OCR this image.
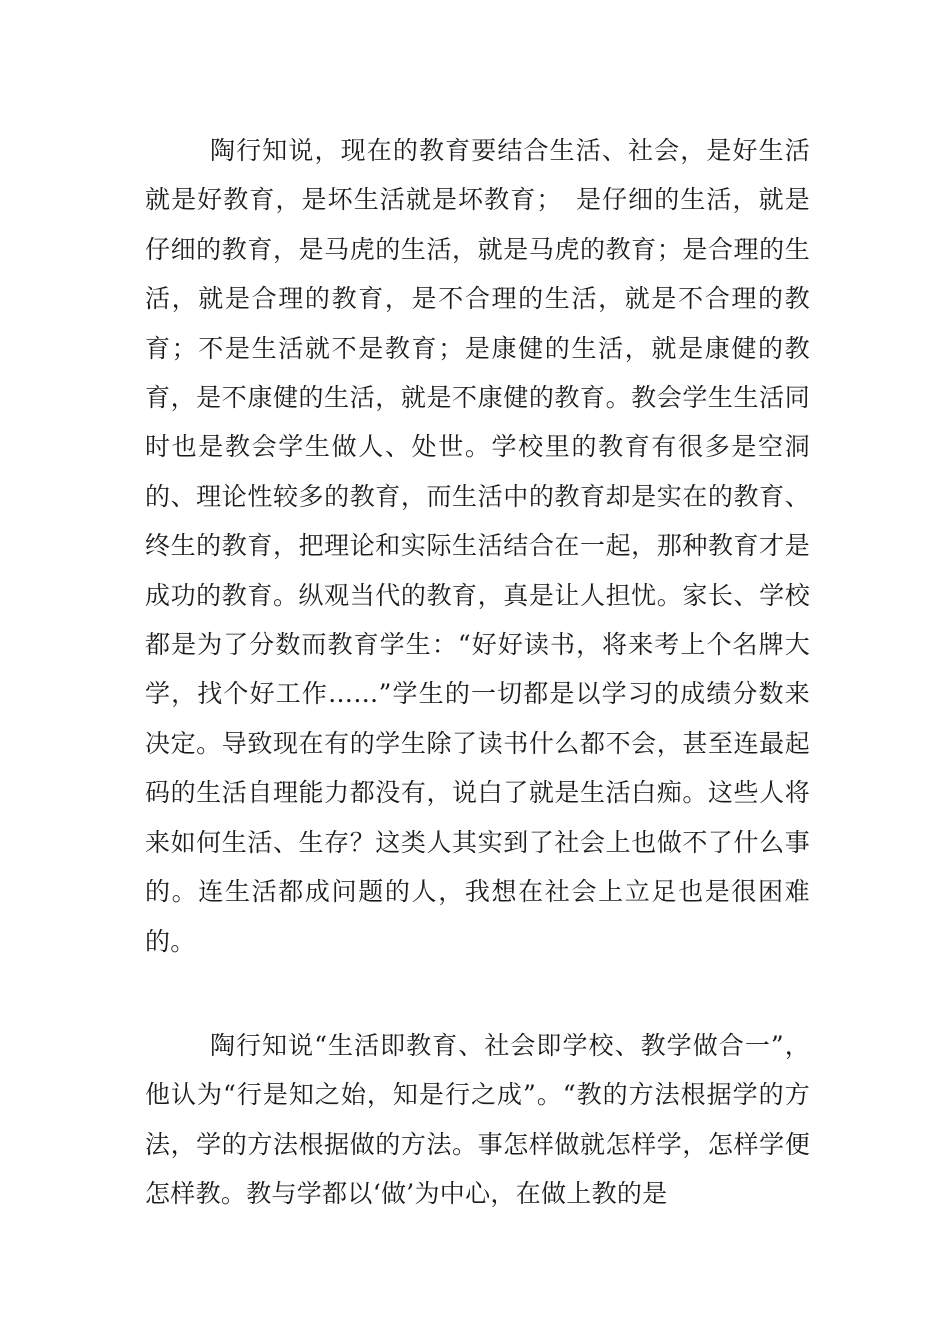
陶行知说，现在的教育要结合生活、社会，是好生活就是好教育，是坏生活就是坏教育；　是仔细的生活，就是仔细的教育，是马虎的生活，就是马虎的教育；是合理的生活，就是合理的教育，是不合理的生活，就是不合理的教育；不是生活就不是教育；是康健的生活，就是康健的教育，是不康健的生活，就是不康健的教育。教会学生生活同时也是教会学生做人、处世。学校里的教育有很多是空洞的、理论性较多的教育，而生活中的教育却是实在的教育、终生的教育，把理论和实际生活结合在一起，那种教育才是成功的教育。纵观当代的教育，真是让人担忧。家长、学校都是为了分数而教育学生：“好好读书，将来考上个名牌大学，找个好工作……”学生的一切都是以学习的成绩分数来决定。导致现在有的学生除了读书什么都不会，甚至连最起码的生活自理能力都没有，说白了就是生活白痴。这些人将来如何生活、生存？这类人其实到了社会上也做不了什么事的。连生活都成问题的人，我想在社会上立足也是很困难的。

陶行知说“生活即教育、社会即学校、教学做合一”，他认为“行是知之始，知是行之成”。“教的方法根据学的方法，学的方法根据做的方法。事怎样做就怎样学，怎样学便怎样教。教与学都以‘做’为中心，在做上教的是
